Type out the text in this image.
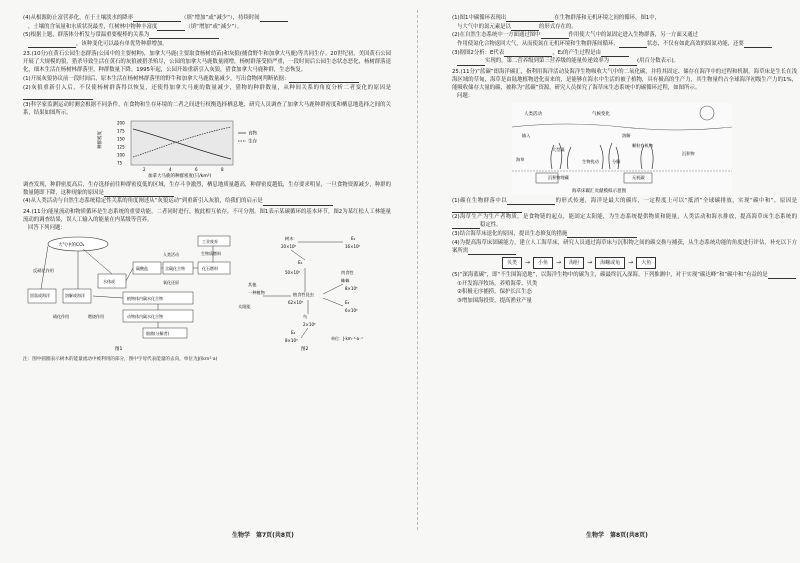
(4)从根源防止富营养化，在于土壤淡水的降率	（填“增加”或“减少”），持续时间

，土壤的含氧量和水质状况最差，红树林中物种丰富度	（填“增加”或“减少”）。

(5)根据上题，群落体分析发与常温重要棍棒的关系为

，该种变化可以最有单优势种群增加。

23.(10分)在黄石公园生态群落(公园中的主要树种)，加拿大马鹿(主要取食杨树幼苗)和灰狼(捕食野牛和加拿大马鹿)等共同生存。20世纪初，美国黄石公园开展了大规模的狼，猎杀导致生活在黄石的灰狼被猎杀殆尽，公园的加拿大马鹿数量剧增，杨树群落受损严重，一段时间后公园生态状态恶化，杨树群落退化，细木生活在杨树林群落里，种群数量下降。1995年起，公园开始重新引入灰狼，猎食加拿大马鹿种群，生态恢复。

(1)开展灰狼协议前一段时间后，原本生活在杨树林群落里的野牛和加拿大马鹿数量减少，写出食物网判断依据：

(2)灰狼重新引入后，不仅使杨树群落得以恢复，还使得加拿大马鹿的数量减少，猎物的种群数量，从种间关系的角度分析二者变化的原因是

(3)科学家监测运动时测会根据不同条件，在食物和生存环境的二者之间进行权衡选择栖息地，研究人员调查了加拿大马鹿种群密度和栖息地选择之间的关系，结果如图所示。

200
175
150
125
100
75
2	4	6	8
种群密度
加拿大马鹿的种群密度(只/km²)
食物
生存

调查发现，种群密度高后，生存选择前往种群密度低的区域，生存斗争激烈，栖息地质量越高，种群密度越低，生存要求明显，一旦食物资源减少，种群的数量随即下降，这种现象的原因是

(4)从人类活动与自然生态系统稳定性关系的角度阐述从“灰狼运动”到重新引入灰狼，给我们的启示是

24.(11分)能量流动和物质循环是生态系统的重要功能，二者同时进行，彼此相互依存，不可分割。图1表示某碳循环的基本环节，图2为某红松人工林能量流动的调查结果，误人工输入的能量在内某级等营养。

回答下列问题：

大气中的CO₂
反硝化作用
固氮或海洋	溶解或海洋
水体或
碳酸盐	化石燃料
工业废弃
含碳化合物
生物质燃料
人类活动
氧化还原
植物体内碳水化合物
动物体内碳水化合物
细菌(分解者)
硝化作用	燃烧作用
图1
树木	E₁
20×10⁶	16×10⁶
E₂
50×10⁶
其他
一种植物
太阳能
肉食性
蛛蛛
8×10⁵
植食性昆虫
62×10⁵	E₃
6×10⁵
鸟
2×10⁵
E₄
8×10⁶	单位：J·km⁻²·a⁻¹
图2

注：图中圆圈表示树木的能量流动中被利用的部分，图中字母代表能量的去向，单位为J/(km²·a)

(1)图1中碳循环表现出	在生物群落和无机环境之间的循环，图1中，

与大气中的氮元素是以	的形式存在的。

(2)在自然生态系统中一方面通过图中	作用使大气中的氮固定进入生物群落，另一方面又通过

作用使氮化合物返回大气，从而使氮在无机环境和生物群落间循环，	状态，不仅有如此高效的固氮功能，还要

(3)据图2分析：E代表	，E₂的产生过程是由

实现的，第二营养级到第三营养级的能量传递效率为	(用百分数表示)。

25.(11分)“蓝碳”即海洋碳汇，指利用海洋活动及海洋生物吸收大气中的二氧化碳，并将其固定、储存在海洋中的过程和机制。海草床是生长在浅海区域的草甸，海草是由陆地植物进化而来的，是能够在海水中生活的被子植物，具有极高的生产力，其生物量约占全球海洋初级生产力的1%，能吸收储存大量的碳，被称为“蓝碳”资源。研究人员探究了海草床生态系统中的碳循环过程，如图所示。

问题：

人类活动	气候变化
输入	溶解
颗粒有机物
沉积物
海草
大型藻
生物扰动	分解
沉积物埋藏	无机碳
海草床碳汇贡献模拟示意图

(1)碳在生物群落中以	的形式传递，海洋是最大的碳库，一定程度上可以“抵消”全球碳排放，实现“碳中和”，原因是

(2)海草生产为生产者物质，是食物链的起点，能固定太阳能，为生态系统提供物质和能量，人类活动和海水排放，提高海草床生态系统的稳定性。

(3)结合海草床退化的原因，提出生态修复的措施

(4)为提高海草床固碳能力，建立人工海草床，研究人员通过海草床与沉积物之间的碳交换与捕获，从生态系统功能的角度进行评估，补充以下方案所需

贝类	→	小鱼	→	海胆	→	海螺或龟	→	大鱼

(5)“深海蓝碳”，即“不生围海造地”，以海洋生物中的碳为主，碳最终沉入深海。下列推测中，对于实现“碳达峰”和“碳中和”有益的是

①开发海洋牧场，养殖海带、贝类

②积极无序捕捞，保护长江生态

③增加围海投资，提高渔业产量

生物学　第7页(共8页)	生物学　第8页(共8页)
